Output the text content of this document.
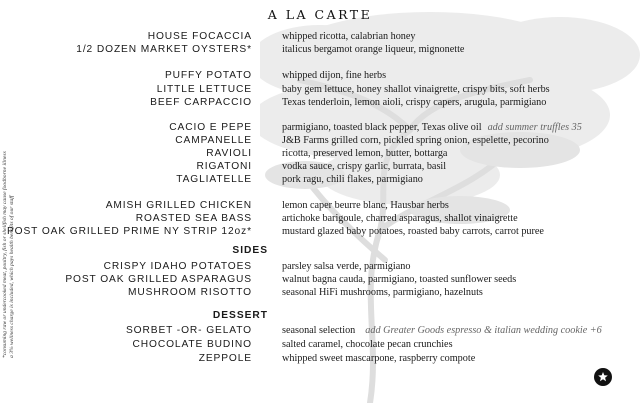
A LA CARTE
*consuming raw or undercooked meat, poultry, fish or shellfish may cause foodborne illness a 3% wellness charge is included, which pays health benefits of our staff
HOUSE FOCACCIA	whipped ricotta, calabrian honey
1/2 DOZEN MARKET OYSTERS*	italicus bergamot orange liqueur, mignonette
PUFFY POTATO	whipped dijon, fine herbs
LITTLE LETTUCE	baby gem lettuce, honey shallot vinaigrette, crispy bits, soft herbs
BEEF CARPACCIO	Texas tenderloin, lemon aioli, crispy capers, arugula, parmigiano
CACIO E PEPE	parmigiano, toasted black pepper, Texas olive oil add summer truffles 35
CAMPANELLE	J&B Farms grilled corn, pickled spring onion, espelette, pecorino
RAVIOLI	ricotta, preserved lemon, butter, bottarga
RIGATONI	vodka sauce, crispy garlic, burrata, basil
TAGLIATELLE	pork ragu, chili flakes, parmigiano
AMISH GRILLED CHICKEN	lemon caper beurre blanc, Hausbar herbs
ROASTED SEA BASS	artichoke barigoule, charred asparagus, shallot vinaigrette
POST OAK GRILLED PRIME NY STRIP 12oz*	mustard glazed baby potatoes, roasted baby carrots, carrot puree
SIDES
CRISPY IDAHO POTATOES	parsley salsa verde, parmigiano
POST OAK GRILLED ASPARAGUS	walnut bagna cauda, parmigiano, toasted sunflower seeds
MUSHROOM RISOTTO	seasonal HiFi mushrooms, parmigiano, hazelnuts
DESSERT
SORBET -OR- GELATO	seasonal selection add Greater Goods espresso & italian wedding cookie +6
CHOCOLATE BUDINO	salted caramel, chocolate pecan crunchies
ZEPPOLE	whipped sweet mascarpone, raspberry compote
